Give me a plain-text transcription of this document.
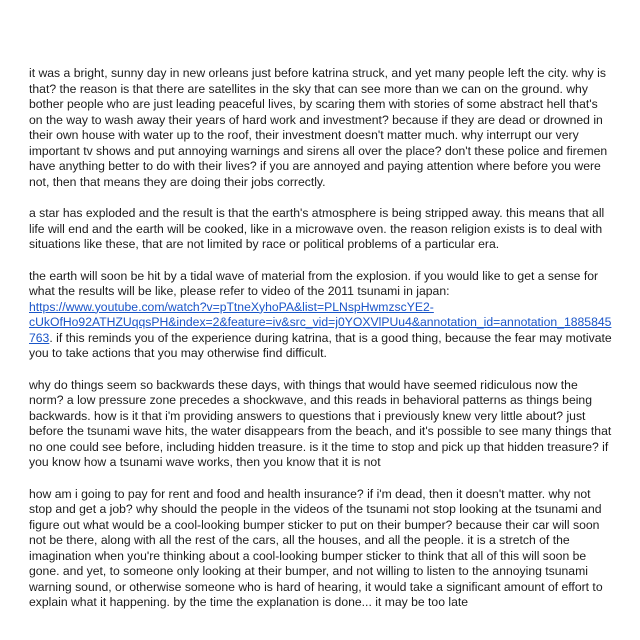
it was a bright, sunny day in new orleans just before katrina struck, and yet many people left the city. why is that? the reason is that there are satellites in the sky that can see more than we can on the ground. why bother people who are just leading peaceful lives, by scaring them with stories of some abstract hell that's on the way to wash away their years of hard work and investment? because if they are dead or drowned in their own house with water up to the roof, their investment doesn't matter much. why interrupt our very important tv shows and put annoying warnings and sirens all over the place? don't these police and firemen have anything better to do with their lives? if you are annoyed and paying attention where before you were not, then that means they are doing their jobs correctly.

a star has exploded and the result is that the earth's atmosphere is being stripped away. this means that all life will end and the earth will be cooked, like in a microwave oven. the reason religion exists is to deal with situations like these, that are not limited by race or political problems of a particular era.

the earth will soon be hit by a tidal wave of material from the explosion. if you would like to get a sense for what the results will be like, please refer to video of the 2011 tsunami in japan: https://www.youtube.com/watch?v=pTtneXyhoPA&list=PLNspHwmzscYE2-cUkOfHo92ATHZUqqsPH&index=2&feature=iv&src_vid=j0YOXVlPUu4&annotation_id=annotation_1885845763. if this reminds you of the experience during katrina, that is a good thing, because the fear may motivate you to take actions that you may otherwise find difficult.

why do things seem so backwards these days, with things that would have seemed ridiculous now the norm? a low pressure zone precedes a shockwave, and this reads in behavioral patterns as things being backwards. how is it that i'm providing answers to questions that i previously knew very little about? just before the tsunami wave hits, the water disappears from the beach, and it's possible to see many things that no one could see before, including hidden treasure. is it the time to stop and pick up that hidden treasure? if you know how a tsunami wave works, then you know that it is not

how am i going to pay for rent and food and health insurance? if i'm dead, then it doesn't matter. why not stop and get a job? why should the people in the videos of the tsunami not stop looking at the tsunami and figure out what would be a cool-looking bumper sticker to put on their bumper? because their car will soon not be there, along with all the rest of the cars, all the houses, and all the people. it is a stretch of the imagination when you're thinking about a cool-looking bumper sticker to think that all of this will soon be gone. and yet, to someone only looking at their bumper, and not willing to listen to the annoying tsunami warning sound, or otherwise someone who is hard of hearing, it would take a significant amount of effort to explain what it happening. by the time the explanation is done... it may be too late
